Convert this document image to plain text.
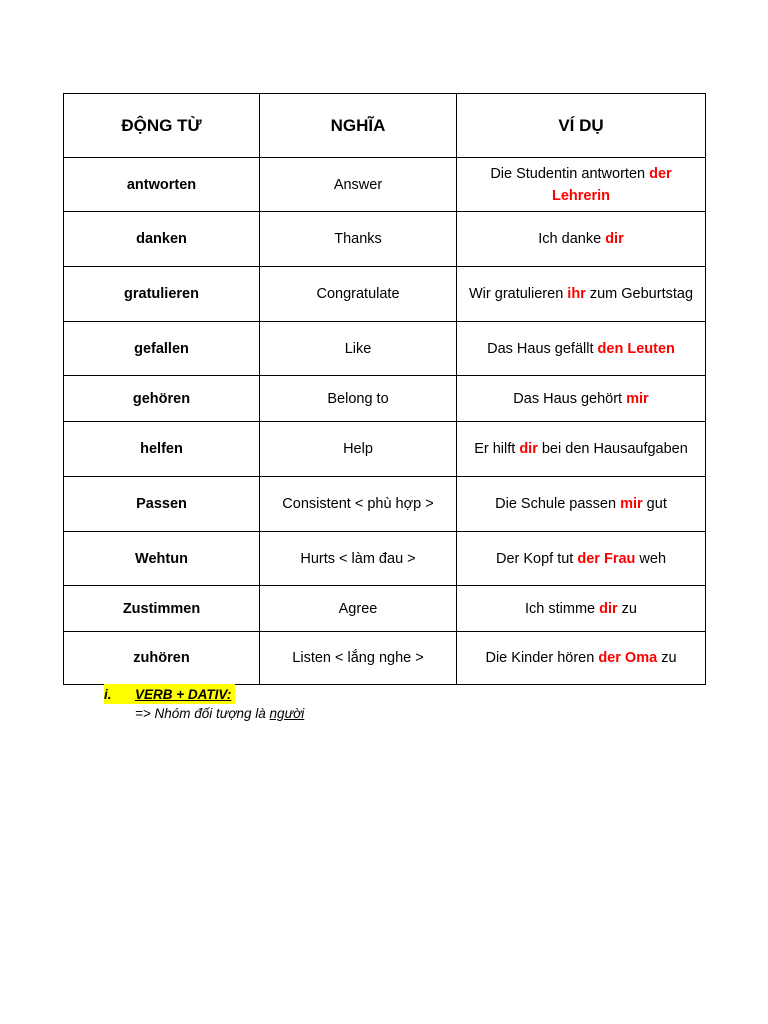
ĐỘNG TỪ	NGHĨA	VÍ DỤ
antworten	Answer	Die Studentin antworten der Lehrerin
danken	Thanks	Ich danke dir
gratulieren	Congratulate	Wir gratulieren ihr zum Geburtstag
gefallen	Like	Das Haus gefällt den Leuten
gehören	Belong to	Das Haus gehört mir
helfen	Help	Er hilft dir bei den Hausaufgaben
Passen	Consistent < phù hợp >	Die Schule passen mir gut
Wehtun	Hurts < làm đau >	Der Kopf tut der Frau weh
Zustimmen	Agree	Ich stimme dir zu
zuhören	Listen < lắng nghe >	Die Kinder hören der Oma zu
i.	VERB + DATIV:
=> Nhóm đối tượng là người
